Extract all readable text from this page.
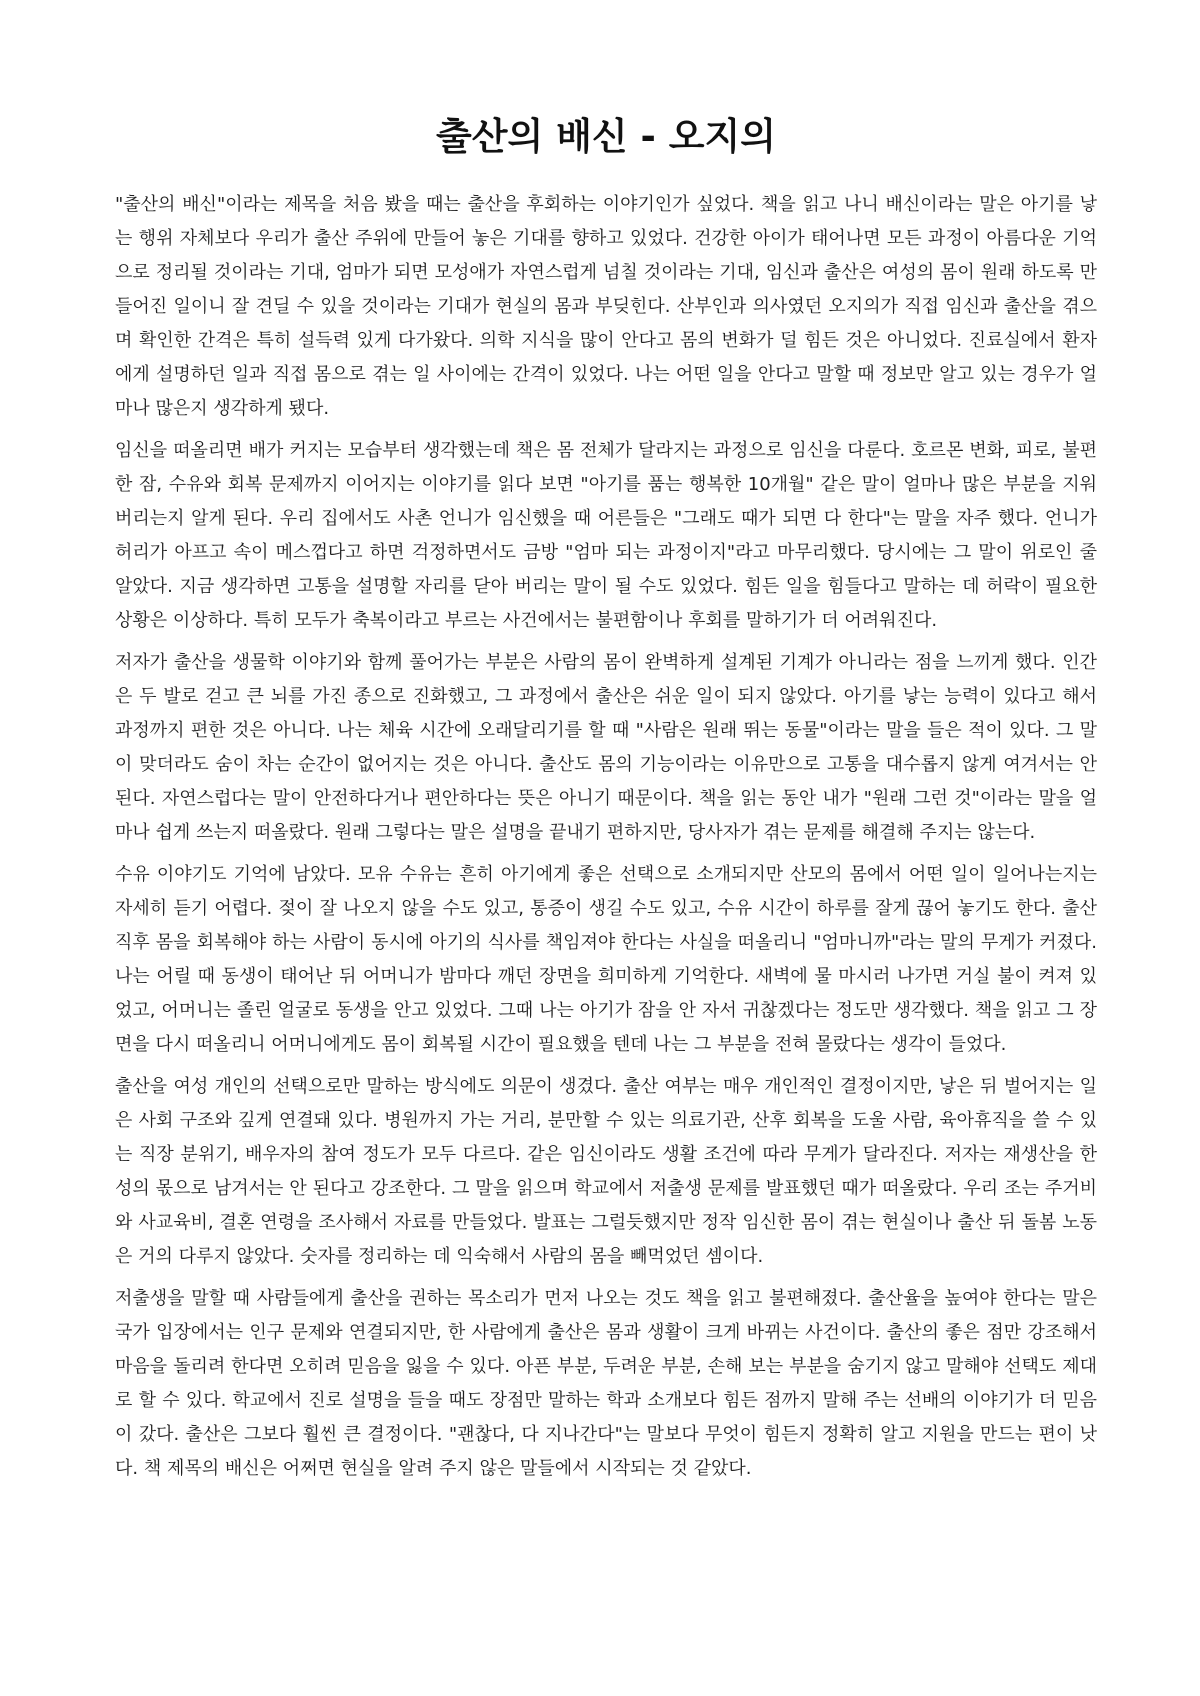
출산의 배신 - 오지의

"출산의 배신"이라는 제목을 처음 봤을 때는 출산을 후회하는 이야기인가 싶었다. 책을 읽고 나니 배신이라는 말은 아기를 낳는 행위 자체보다 우리가 출산 주위에 만들어 놓은 기대를 향하고 있었다. 건강한 아이가 태어나면 모든 과정이 아름다운 기억으로 정리될 것이라는 기대, 엄마가 되면 모성애가 자연스럽게 넘칠 것이라는 기대, 임신과 출산은 여성의 몸이 원래 하도록 만들어진 일이니 잘 견딜 수 있을 것이라는 기대가 현실의 몸과 부딪힌다. 산부인과 의사였던 오지의가 직접 임신과 출산을 겪으며 확인한 간격은 특히 설득력 있게 다가왔다. 의학 지식을 많이 안다고 몸의 변화가 덜 힘든 것은 아니었다. 진료실에서 환자에게 설명하던 일과 직접 몸으로 겪는 일 사이에는 간격이 있었다. 나는 어떤 일을 안다고 말할 때 정보만 알고 있는 경우가 얼마나 많은지 생각하게 됐다.

임신을 떠올리면 배가 커지는 모습부터 생각했는데 책은 몸 전체가 달라지는 과정으로 임신을 다룬다. 호르몬 변화, 피로, 불편한 잠, 수유와 회복 문제까지 이어지는 이야기를 읽다 보면 "아기를 품는 행복한 10개월" 같은 말이 얼마나 많은 부분을 지워 버리는지 알게 된다. 우리 집에서도 사촌 언니가 임신했을 때 어른들은 "그래도 때가 되면 다 한다"는 말을 자주 했다. 언니가 허리가 아프고 속이 메스껍다고 하면 걱정하면서도 금방 "엄마 되는 과정이지"라고 마무리했다. 당시에는 그 말이 위로인 줄 알았다. 지금 생각하면 고통을 설명할 자리를 닫아 버리는 말이 될 수도 있었다. 힘든 일을 힘들다고 말하는 데 허락이 필요한 상황은 이상하다. 특히 모두가 축복이라고 부르는 사건에서는 불편함이나 후회를 말하기가 더 어려워진다.

저자가 출산을 생물학 이야기와 함께 풀어가는 부분은 사람의 몸이 완벽하게 설계된 기계가 아니라는 점을 느끼게 했다. 인간은 두 발로 걷고 큰 뇌를 가진 종으로 진화했고, 그 과정에서 출산은 쉬운 일이 되지 않았다. 아기를 낳는 능력이 있다고 해서 과정까지 편한 것은 아니다. 나는 체육 시간에 오래달리기를 할 때 "사람은 원래 뛰는 동물"이라는 말을 들은 적이 있다. 그 말이 맞더라도 숨이 차는 순간이 없어지는 것은 아니다. 출산도 몸의 기능이라는 이유만으로 고통을 대수롭지 않게 여겨서는 안 된다. 자연스럽다는 말이 안전하다거나 편안하다는 뜻은 아니기 때문이다. 책을 읽는 동안 내가 "원래 그런 것"이라는 말을 얼마나 쉽게 쓰는지 떠올랐다. 원래 그렇다는 말은 설명을 끝내기 편하지만, 당사자가 겪는 문제를 해결해 주지는 않는다.

수유 이야기도 기억에 남았다. 모유 수유는 흔히 아기에게 좋은 선택으로 소개되지만 산모의 몸에서 어떤 일이 일어나는지는 자세히 듣기 어렵다. 젖이 잘 나오지 않을 수도 있고, 통증이 생길 수도 있고, 수유 시간이 하루를 잘게 끊어 놓기도 한다. 출산 직후 몸을 회복해야 하는 사람이 동시에 아기의 식사를 책임져야 한다는 사실을 떠올리니 "엄마니까"라는 말의 무게가 커졌다. 나는 어릴 때 동생이 태어난 뒤 어머니가 밤마다 깨던 장면을 희미하게 기억한다. 새벽에 물 마시러 나가면 거실 불이 켜져 있었고, 어머니는 졸린 얼굴로 동생을 안고 있었다. 그때 나는 아기가 잠을 안 자서 귀찮겠다는 정도만 생각했다. 책을 읽고 그 장면을 다시 떠올리니 어머니에게도 몸이 회복될 시간이 필요했을 텐데 나는 그 부분을 전혀 몰랐다는 생각이 들었다.

출산을 여성 개인의 선택으로만 말하는 방식에도 의문이 생겼다. 출산 여부는 매우 개인적인 결정이지만, 낳은 뒤 벌어지는 일은 사회 구조와 깊게 연결돼 있다. 병원까지 가는 거리, 분만할 수 있는 의료기관, 산후 회복을 도울 사람, 육아휴직을 쓸 수 있는 직장 분위기, 배우자의 참여 정도가 모두 다르다. 같은 임신이라도 생활 조건에 따라 무게가 달라진다. 저자는 재생산을 한 성의 몫으로 남겨서는 안 된다고 강조한다. 그 말을 읽으며 학교에서 저출생 문제를 발표했던 때가 떠올랐다. 우리 조는 주거비와 사교육비, 결혼 연령을 조사해서 자료를 만들었다. 발표는 그럴듯했지만 정작 임신한 몸이 겪는 현실이나 출산 뒤 돌봄 노동은 거의 다루지 않았다. 숫자를 정리하는 데 익숙해서 사람의 몸을 빼먹었던 셈이다.

저출생을 말할 때 사람들에게 출산을 권하는 목소리가 먼저 나오는 것도 책을 읽고 불편해졌다. 출산율을 높여야 한다는 말은 국가 입장에서는 인구 문제와 연결되지만, 한 사람에게 출산은 몸과 생활이 크게 바뀌는 사건이다. 출산의 좋은 점만 강조해서 마음을 돌리려 한다면 오히려 믿음을 잃을 수 있다. 아픈 부분, 두려운 부분, 손해 보는 부분을 숨기지 않고 말해야 선택도 제대로 할 수 있다. 학교에서 진로 설명을 들을 때도 장점만 말하는 학과 소개보다 힘든 점까지 말해 주는 선배의 이야기가 더 믿음이 갔다. 출산은 그보다 훨씬 큰 결정이다. "괜찮다, 다 지나간다"는 말보다 무엇이 힘든지 정확히 알고 지원을 만드는 편이 낫다. 책 제목의 배신은 어쩌면 현실을 알려 주지 않은 말들에서 시작되는 것 같았다.
